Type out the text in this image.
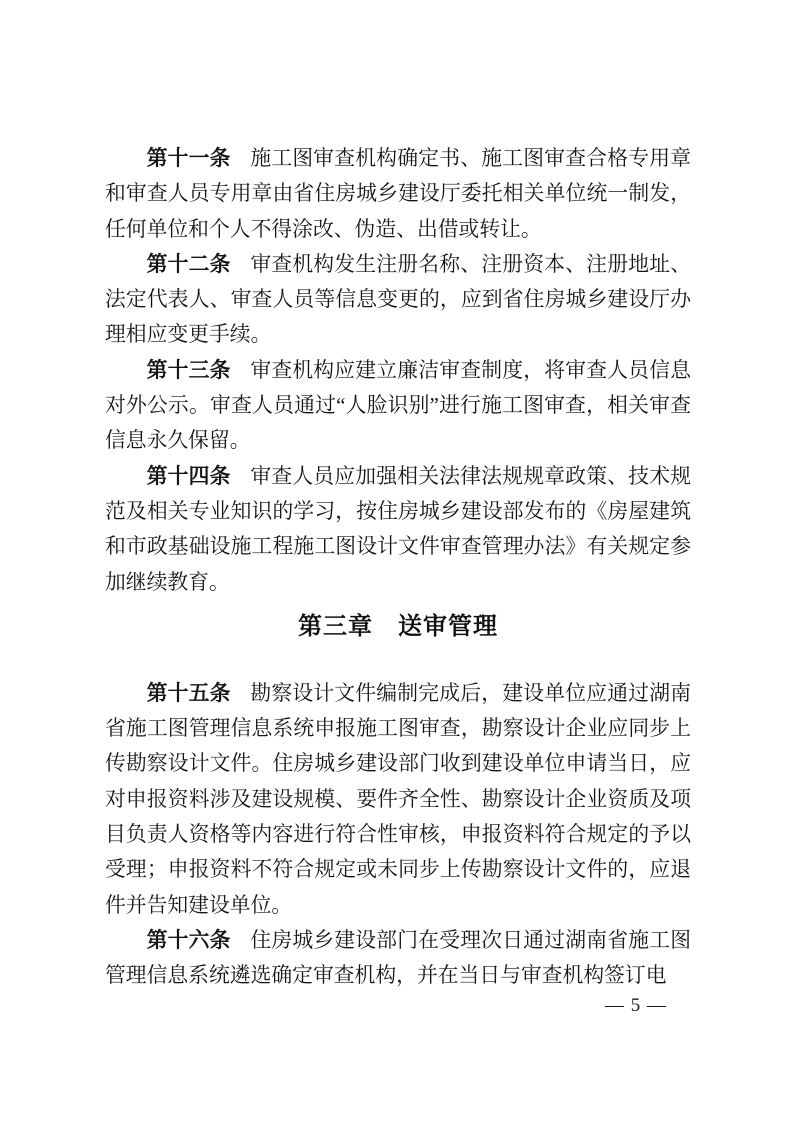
第十一条 施工图审查机构确定书、施工图审查合格专用章和审查人员专用章由省住房城乡建设厅委托相关单位统一制发，任何单位和个人不得涂改、伪造、出借或转让。

第十二条 审查机构发生注册名称、注册资本、注册地址、法定代表人、审查人员等信息变更的，应到省住房城乡建设厅办理相应变更手续。

第十三条 审查机构应建立廉洁审查制度，将审查人员信息对外公示。审查人员通过“人脸识别”进行施工图审查，相关审查信息永久保留。

第十四条 审查人员应加强相关法律法规规章政策、技术规范及相关专业知识的学习，按住房城乡建设部发布的《房屋建筑和市政基础设施工程施工图设计文件审查管理办法》有关规定参加继续教育。

第三章　送审管理

第十五条 勘察设计文件编制完成后，建设单位应通过湖南省施工图管理信息系统申报施工图审查，勘察设计企业应同步上传勘察设计文件。住房城乡建设部门收到建设单位申请当日，应对申报资料涉及建设规模、要件齐全性、勘察设计企业资质及项目负责人资格等内容进行符合性审核，申报资料符合规定的予以受理；申报资料不符合规定或未同步上传勘察设计文件的，应退件并告知建设单位。

第十六条 住房城乡建设部门在受理次日通过湖南省施工图管理信息系统遴选确定审查机构，并在当日与审查机构签订电

— 5 —
